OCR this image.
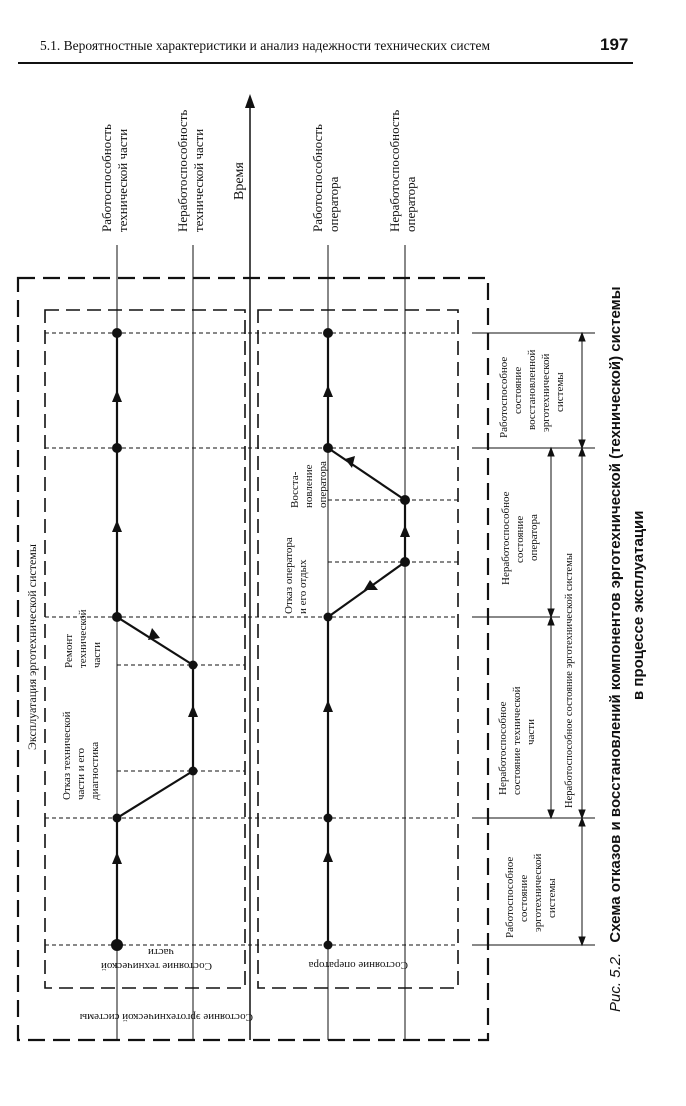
5.1. Вероятностные характеристики и анализ надежности технических систем	197
Работоспособность технической части	Неработоспособность технической части Время	Работоспособность оператора	Неработоспособность оператора
Эксплуатация эрготехнической системы
Состояние эрготехнической системы
Состояние технической части
Состояние оператора
Отказ технической части и его диагностика
Ремонт технической части
Отказ оператора и его отдых
Восста- новление оператора
Работоспособное состояние эрготехнической системы
Неработоспособное состояние технической части
Неработоспособное состояние оператора
Работоспособное состояние восстановленной эрготехнической системы
Неработоспособное состояние эрготехнической системы
Рис. 5.2. Схема отказов и восстановлений компонентов эрготехнической (технической) системы в процессе эксплуатации
